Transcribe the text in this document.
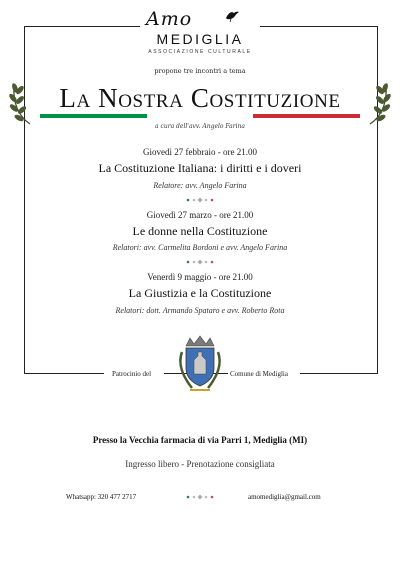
Amo
MEDIGLIA
ASSOCIAZIONE CULTURALE
propone tre incontri a tema
La Nostra Costituzione
a cura dell'avv. Angelo Farina
Giovedì 27 febbraio - ore 21.00
La Costituzione Italiana: i diritti e i doveri
Relatore: avv. Angelo Farina
Giovedì 27 marzo - ore 21.00
Le donne nella Costituzione
Relatori: avv. Carmelita Bordoni e avv. Angelo Farina
Venerdì 9 maggio - ore 21.00
La Giustizia e la Costituzione
Relatori: dott. Armando Spataro e avv. Roberto Rota
Patrocinio del	Comune di Mediglia
Presso la Vecchia farmacia di via Parri 1, Mediglia (MI)
Ingresso libero - Prenotazione consigliata
Whatsapp: 320 477 2717	amomediglia@gmail.com
